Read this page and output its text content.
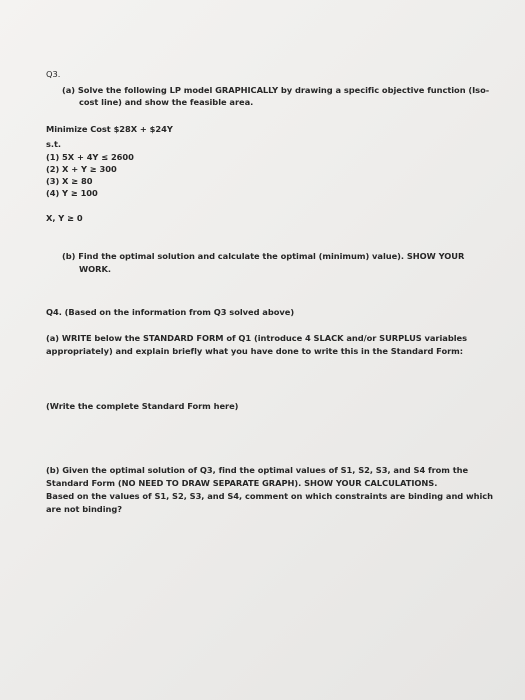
Q3.
(a) Solve the following LP model GRAPHICALLY by drawing a specific objective function (Iso-
cost line) and show the feasible area.
Minimize Cost $28X + $24Y
s.t.
(1) 5X + 4Y ≤ 2600
(2) X + Y ≥ 300
(3) X ≥ 80
(4) Y ≥ 100
X, Y ≥ 0
(b) Find the optimal solution and calculate the optimal (minimum) value). SHOW YOUR
WORK.
Q4. (Based on the information from Q3 solved above)
(a) WRITE below the STANDARD FORM of Q1 (introduce 4 SLACK and/or SURPLUS variables
appropriately) and explain briefly what you have done to write this in the Standard Form:
(Write the complete Standard Form here)
(b) Given the optimal solution of Q3, find the optimal values of S1, S2, S3, and S4 from the
Standard Form (NO NEED TO DRAW SEPARATE GRAPH). SHOW YOUR CALCULATIONS.
Based on the values of S1, S2, S3, and S4, comment on which constraints are binding and which
are not binding?
